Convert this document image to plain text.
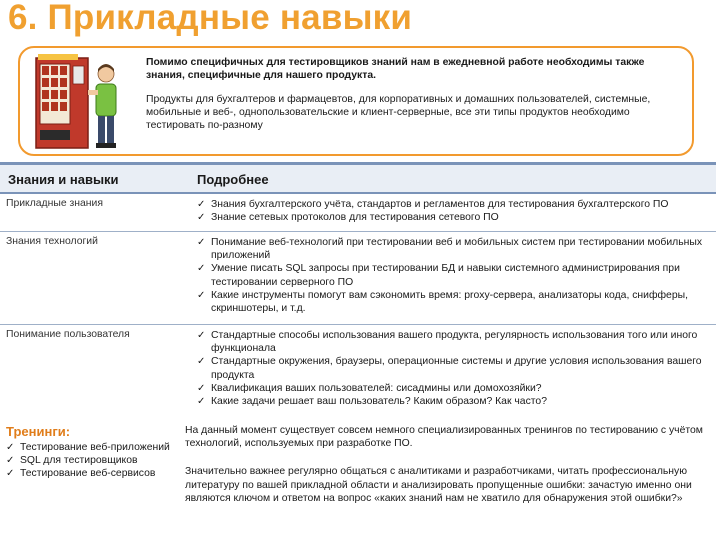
6. Прикладные навыки

Помимо специфичных для тестировщиков знаний нам в ежедневной работе необходимы также знания, специфичные для нашего продукта.

Продукты для бухгалтеров и фармацевтов, для корпоративных и домашних пользователей, системные, мобильные и веб-, однопользовательские и клиент-серверные, все эти типы продуктов необходимо тестировать по-разному

Знания и навыки	Подробнее
Прикладные знания	✓ Знания бухгалтерского учёта, стандартов и регламентов для тестирования бухгалтерского ПО
✓ Знание сетевых протоколов для тестирования сетевого ПО
Знания технологий	✓ Понимание веб-технологий при тестировании веб и мобильных систем при тестировании мобильных приложений
✓ Умение писать SQL запросы при тестировании БД и навыки системного администрирования при тестировании серверного ПО
✓ Какие инструменты помогут вам сэкономить время: proxy-сервера, анализаторы кода, снифферы, скриншотеры, и т.д.
Понимание пользователя	✓ Стандартные способы использования вашего продукта, регулярность использования того или иного функционала
✓ Стандартные окружения, браузеры, операционные системы и другие условия использования вашего продукта
✓ Квалификация ваших пользователей: сисадмины или домохозяйки?
✓ Какие задачи решает ваш пользователь? Каким образом? Как часто?
Тренинги:
✓ Тестирование веб-приложений
✓ SQL для тестировщиков
✓ Тестирование веб-сервисов

На данный момент существует совсем немного специализированных тренингов по тестированию с учётом технологий, используемых при разработке ПО.

Значительно важнее регулярно общаться с аналитиками и разработчиками, читать профессиональную литературу по вашей прикладной области и анализировать пропущенные ошибки: зачастую именно они являются ключом и ответом на вопрос «каких знаний нам не хватило для обнаружения этой ошибки?»
